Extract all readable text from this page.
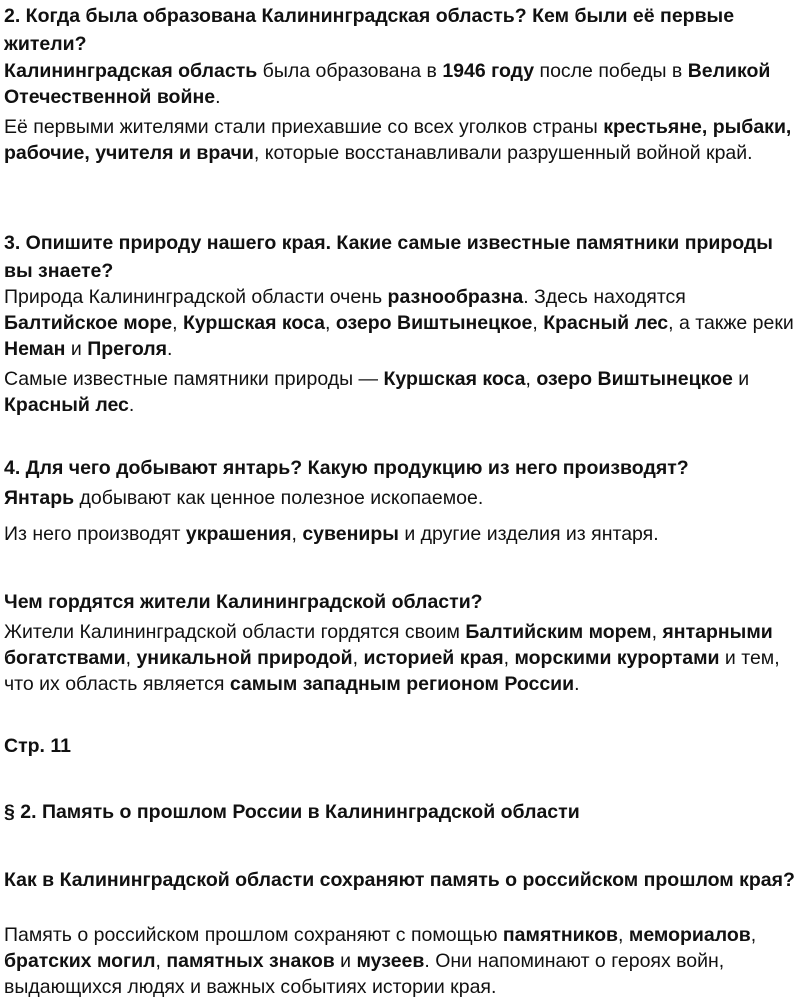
2. Когда была образована Калининградская область? Кем были её первые жители?

Калининградская область была образована в 1946 году после победы в Великой Отечественной войне.

Её первыми жителями стали приехавшие со всех уголков страны крестьяне, рыбаки, рабочие, учителя и врачи, которые восстанавливали разрушенный войной край.

3. Опишите природу нашего края. Какие самые известные памятники природы вы знаете?

Природа Калининградской области очень разнообразна. Здесь находятся Балтийское море, Куршская коса, озеро Виштынецкое, Красный лес, а также реки Неман и Преголя.

Самые известные памятники природы — Куршская коса, озеро Виштынецкое и Красный лес.

4. Для чего добывают янтарь? Какую продукцию из него производят?

Янтарь добывают как ценное полезное ископаемое.

Из него производят украшения, сувениры и другие изделия из янтаря.

Чем гордятся жители Калининградской области?

Жители Калининградской области гордятся своим Балтийским морем, янтарными богатствами, уникальной природой, историей края, морскими курортами и тем, что их область является самым западным регионом России.

Стр. 11
§ 2. Память о прошлом России в Калининградской области
Как в Калининградской области сохраняют память о российском прошлом края?

Память о российском прошлом сохраняют с помощью памятников, мемориалов, братских могил, памятных знаков и музеев. Они напоминают о героях войн, выдающихся людях и важных событиях истории края.
